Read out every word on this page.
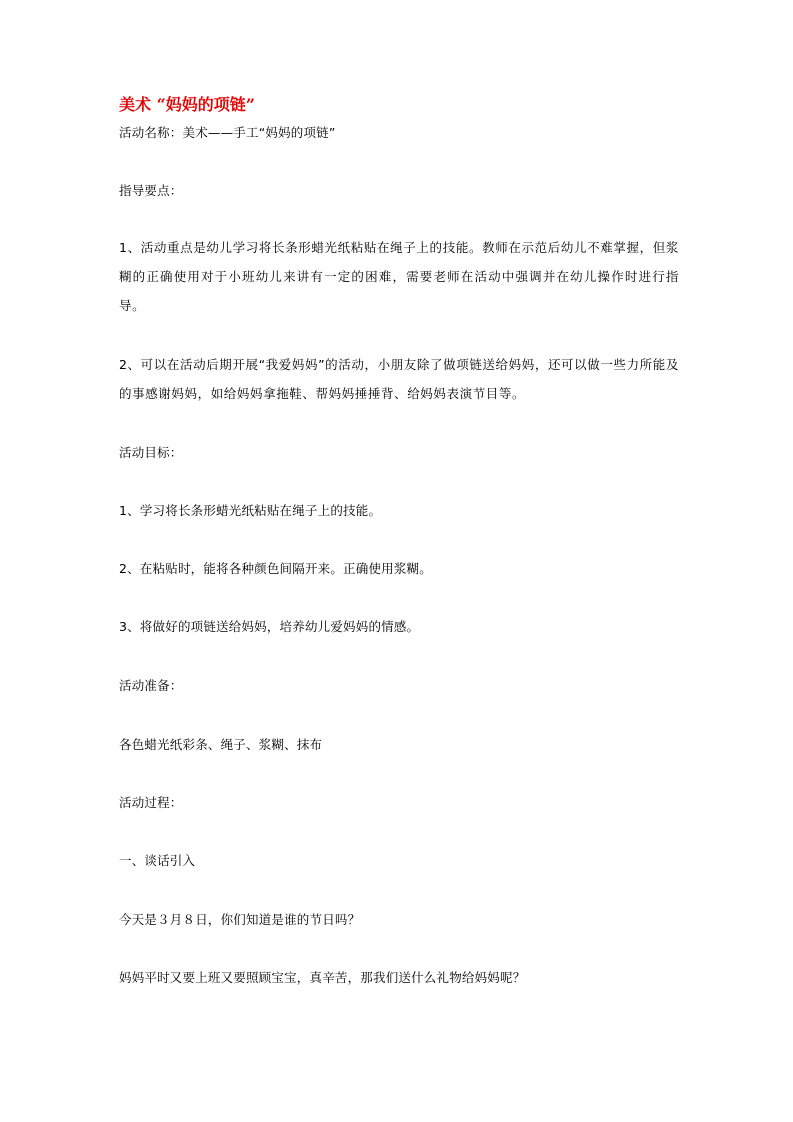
美术 “妈妈的项链”
活动名称：美术——手工“妈妈的项链”
指导要点：
1、活动重点是幼儿学习将长条形蜡光纸粘贴在绳子上的技能。教师在示范后幼儿不难掌握，但浆糊的正确使用对于小班幼儿来讲有一定的困难，需要老师在活动中强调并在幼儿操作时进行指导。
2、可以在活动后期开展“我爱妈妈”的活动，小朋友除了做项链送给妈妈，还可以做一些力所能及的事感谢妈妈，如给妈妈拿拖鞋、帮妈妈捶捶背、给妈妈表演节目等。
活动目标：
1、学习将长条形蜡光纸粘贴在绳子上的技能。
2、在粘贴时，能将各种颜色间隔开来。正确使用浆糊。
3、将做好的项链送给妈妈，培养幼儿爱妈妈的情感。
活动准备：
各色蜡光纸彩条、绳子、浆糊、抹布
活动过程：
一、谈话引入
今天是３月８日，你们知道是谁的节日吗？
妈妈平时又要上班又要照顾宝宝，真辛苦，那我们送什么礼物给妈妈呢？
